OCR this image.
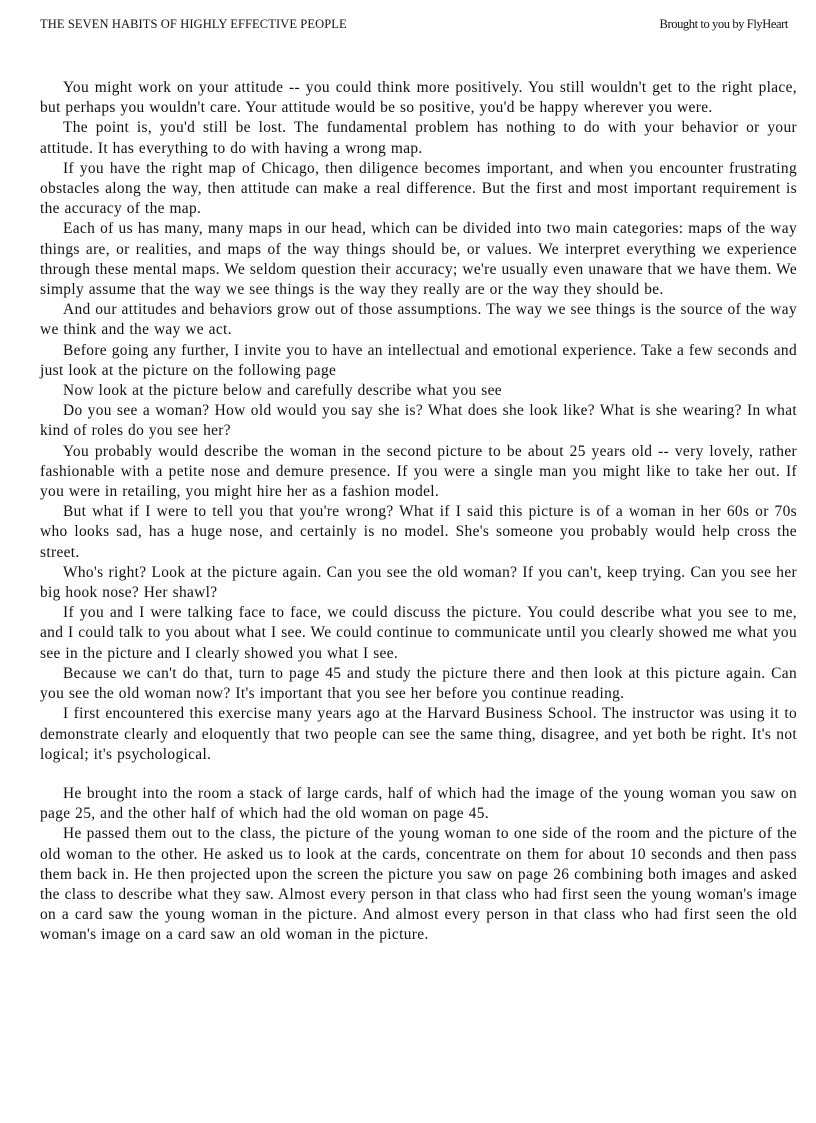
THE SEVEN HABITS OF HIGHLY EFFECTIVE PEOPLE	Brought to you by FlyHeart

You might work on your attitude -- you could think more positively. You still wouldn't get to the right place, but perhaps you wouldn't care. Your attitude would be so positive, you'd be happy wherever you were.

The point is, you'd still be lost. The fundamental problem has nothing to do with your behavior or your attitude. It has everything to do with having a wrong map.

If you have the right map of Chicago, then diligence becomes important, and when you encounter frustrating obstacles along the way, then attitude can make a real difference. But the first and most important requirement is the accuracy of the map.

Each of us has many, many maps in our head, which can be divided into two main categories: maps of the way things are, or realities, and maps of the way things should be, or values. We interpret everything we experience through these mental maps. We seldom question their accuracy; we're usually even unaware that we have them. We simply assume that the way we see things is the way they really are or the way they should be.

And our attitudes and behaviors grow out of those assumptions. The way we see things is the source of the way we think and the way we act.

Before going any further, I invite you to have an intellectual and emotional experience. Take a few seconds and just look at the picture on the following page

Now look at the picture below and carefully describe what you see

Do you see a woman? How old would you say she is? What does she look like? What is she wearing? In what kind of roles do you see her?

You probably would describe the woman in the second picture to be about 25 years old -- very lovely, rather fashionable with a petite nose and demure presence. If you were a single man you might like to take her out. If you were in retailing, you might hire her as a fashion model.

But what if I were to tell you that you're wrong? What if I said this picture is of a woman in her 60s or 70s who looks sad, has a huge nose, and certainly is no model. She's someone you probably would help cross the street.

Who's right? Look at the picture again. Can you see the old woman? If you can't, keep trying. Can you see her big hook nose? Her shawl?

If you and I were talking face to face, we could discuss the picture. You could describe what you see to me, and I could talk to you about what I see. We could continue to communicate until you clearly showed me what you see in the picture and I clearly showed you what I see.

Because we can't do that, turn to page 45 and study the picture there and then look at this picture again. Can you see the old woman now? It's important that you see her before you continue reading.

I first encountered this exercise many years ago at the Harvard Business School. The instructor was using it to demonstrate clearly and eloquently that two people can see the same thing, disagree, and yet both be right. It's not logical; it's psychological.

He brought into the room a stack of large cards, half of which had the image of the young woman you saw on page 25, and the other half of which had the old woman on page 45.

He passed them out to the class, the picture of the young woman to one side of the room and the picture of the old woman to the other. He asked us to look at the cards, concentrate on them for about 10 seconds and then pass them back in. He then projected upon the screen the picture you saw on page 26 combining both images and asked the class to describe what they saw. Almost every person in that class who had first seen the young woman's image on a card saw the young woman in the picture. And almost every person in that class who had first seen the old woman's image on a card saw an old woman in the picture.
